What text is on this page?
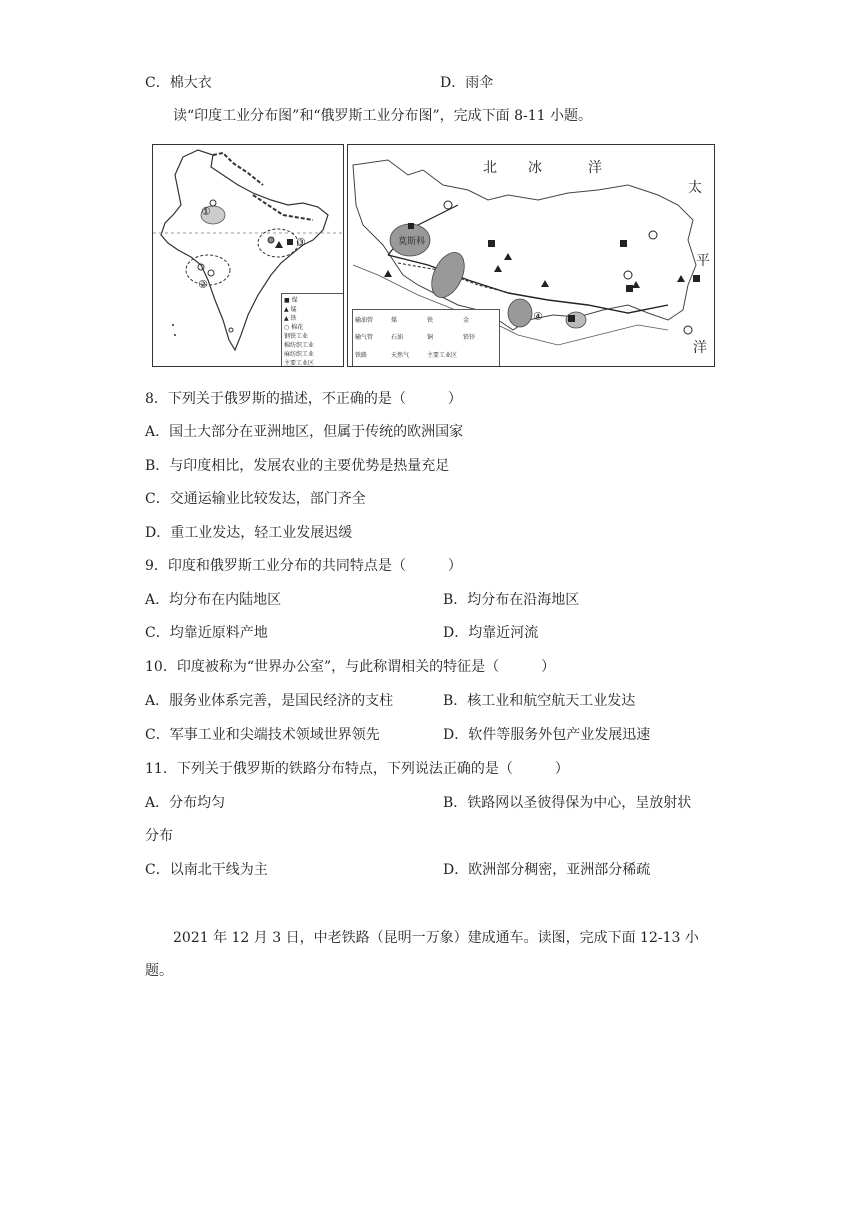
C．棉大衣	D．雨伞
读“印度工业分布图”和“俄罗斯工业分布图”，完成下面 8-11 小题。
①
②
③
■ 煤
▲ 锰
▲ 铁
○ 棉花
钢铁工业
棉纺织工业
麻纺织工业
主要工业区
北 冰	洋
太
平
洋
莫斯科
④
输油管	煤	铁	金
输气管	石油	铜	铅锌
铁路	天然气	主要工业区
8．下列关于俄罗斯的描述，不正确的是（　　　）
A．国土大部分在亚洲地区，但属于传统的欧洲国家
B．与印度相比，发展农业的主要优势是热量充足
C．交通运输业比较发达，部门齐全
D．重工业发达，轻工业发展迟缓
9．印度和俄罗斯工业分布的共同特点是（　　　）
A．均分布在内陆地区	B．均分布在沿海地区
C．均靠近原料产地	D．均靠近河流
10．印度被称为“世界办公室”，与此称谓相关的特征是（　　　）
A．服务业体系完善，是国民经济的支柱	B．核工业和航空航天工业发达
C．军事工业和尖端技术领域世界领先	D．软件等服务外包产业发展迅速
11．下列关于俄罗斯的铁路分布特点，下列说法正确的是（　　　）
A．分布均匀	B．铁路网以圣彼得保为中心，呈放射状
分布
C．以南北干线为主	D．欧洲部分稠密，亚洲部分稀疏
2021 年 12 月 3 日，中老铁路（昆明一万象）建成通车。读图，完成下面 12-13 小
题。
